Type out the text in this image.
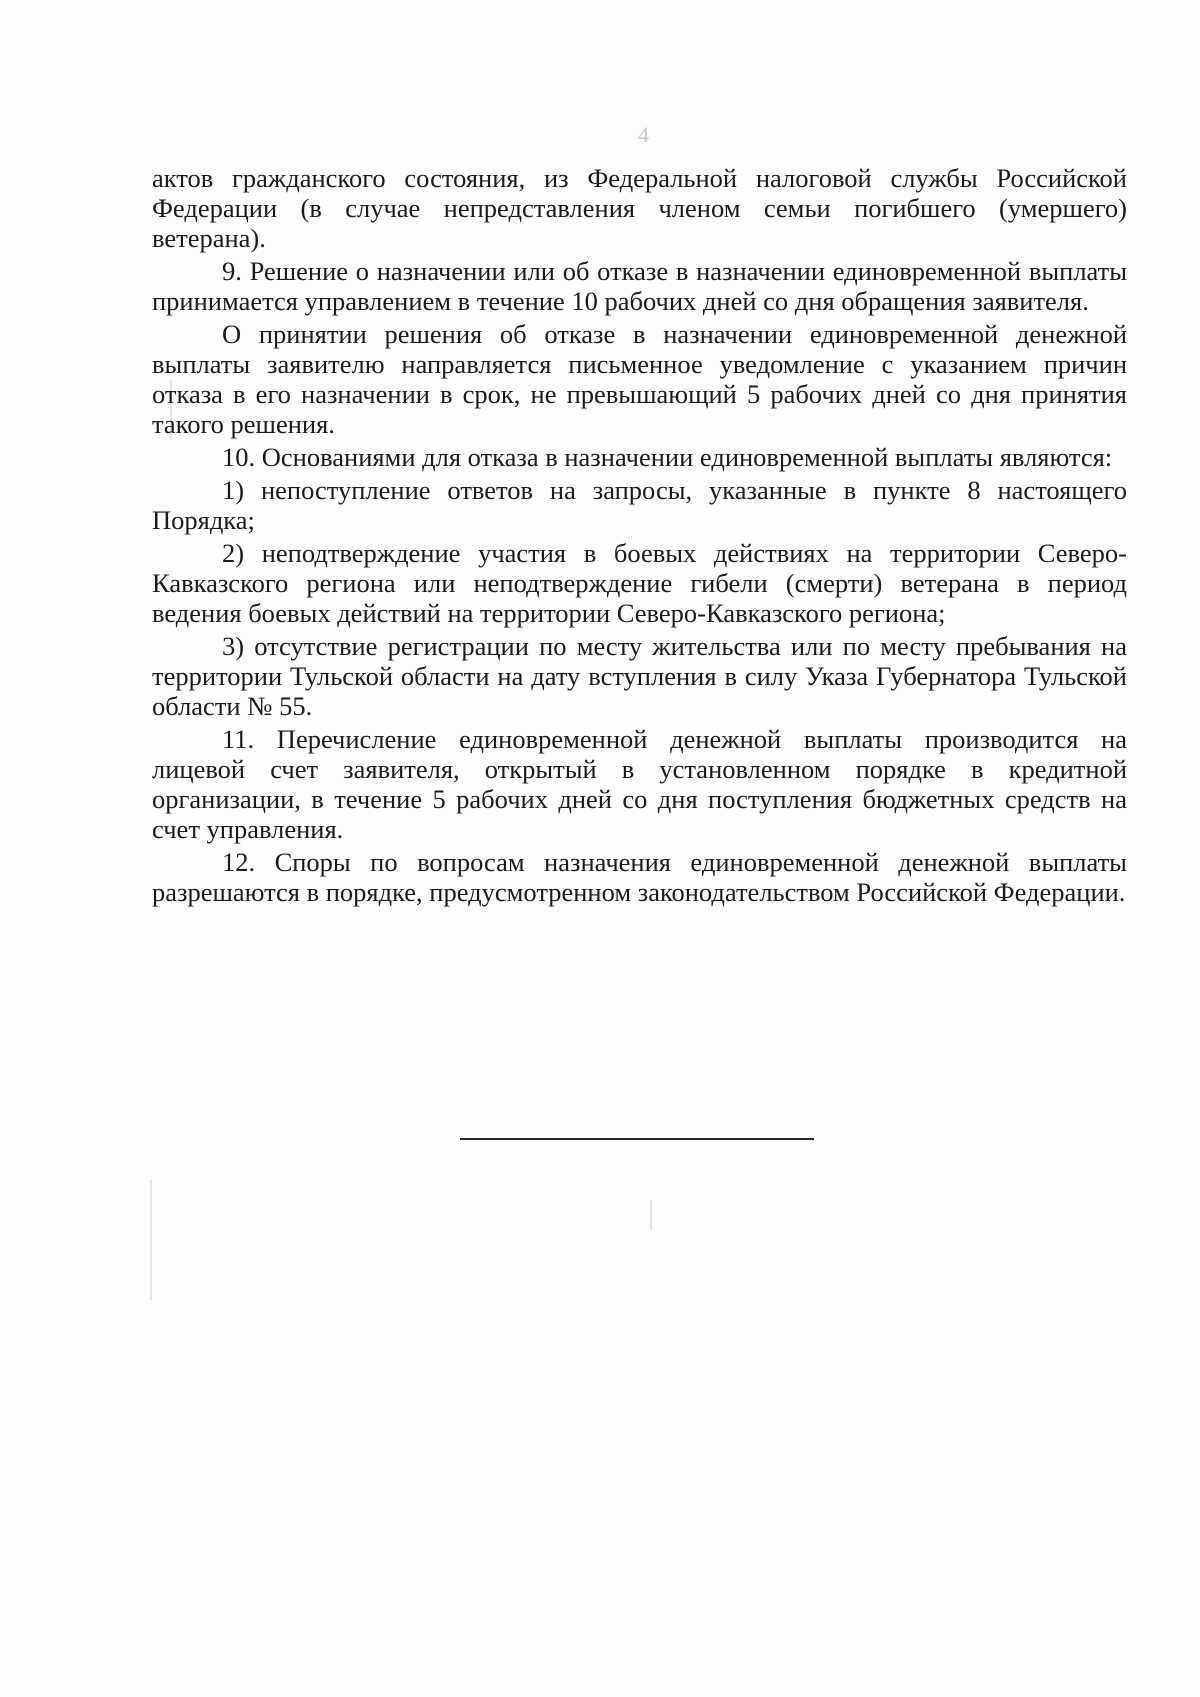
4

актов гражданского состояния, из Федеральной налоговой службы Российской Федерации (в случае непредставления членом семьи погибшего (умершего) ветерана).

9. Решение о назначении или об отказе в назначении единовременной выплаты принимается управлением в течение 10 рабочих дней со дня обращения заявителя.

О принятии решения об отказе в назначении единовременной денежной выплаты заявителю направляется письменное уведомление с указанием причин отказа в его назначении в срок, не превышающий 5 рабочих дней со дня принятия такого решения.

10. Основаниями для отказа в назначении единовременной выплаты являются:

1) непоступление ответов на запросы, указанные в пункте 8 настоящего Порядка;

2) неподтверждение участия в боевых действиях на территории Северо-Кавказского региона или неподтверждение гибели (смерти) ветерана в период ведения боевых действий на территории Северо-Кавказского региона;

3) отсутствие регистрации по месту жительства или по месту пребывания на территории Тульской области на дату вступления в силу Указа Губернатора Тульской области № 55.

11. Перечисление единовременной денежной выплаты производится на лицевой счет заявителя, открытый в установленном порядке в кредитной организации, в течение 5 рабочих дней со дня поступления бюджетных средств на счет управления.

12. Споры по вопросам назначения единовременной денежной выплаты разрешаются в порядке, предусмотренном законодательством Российской Федерации.
